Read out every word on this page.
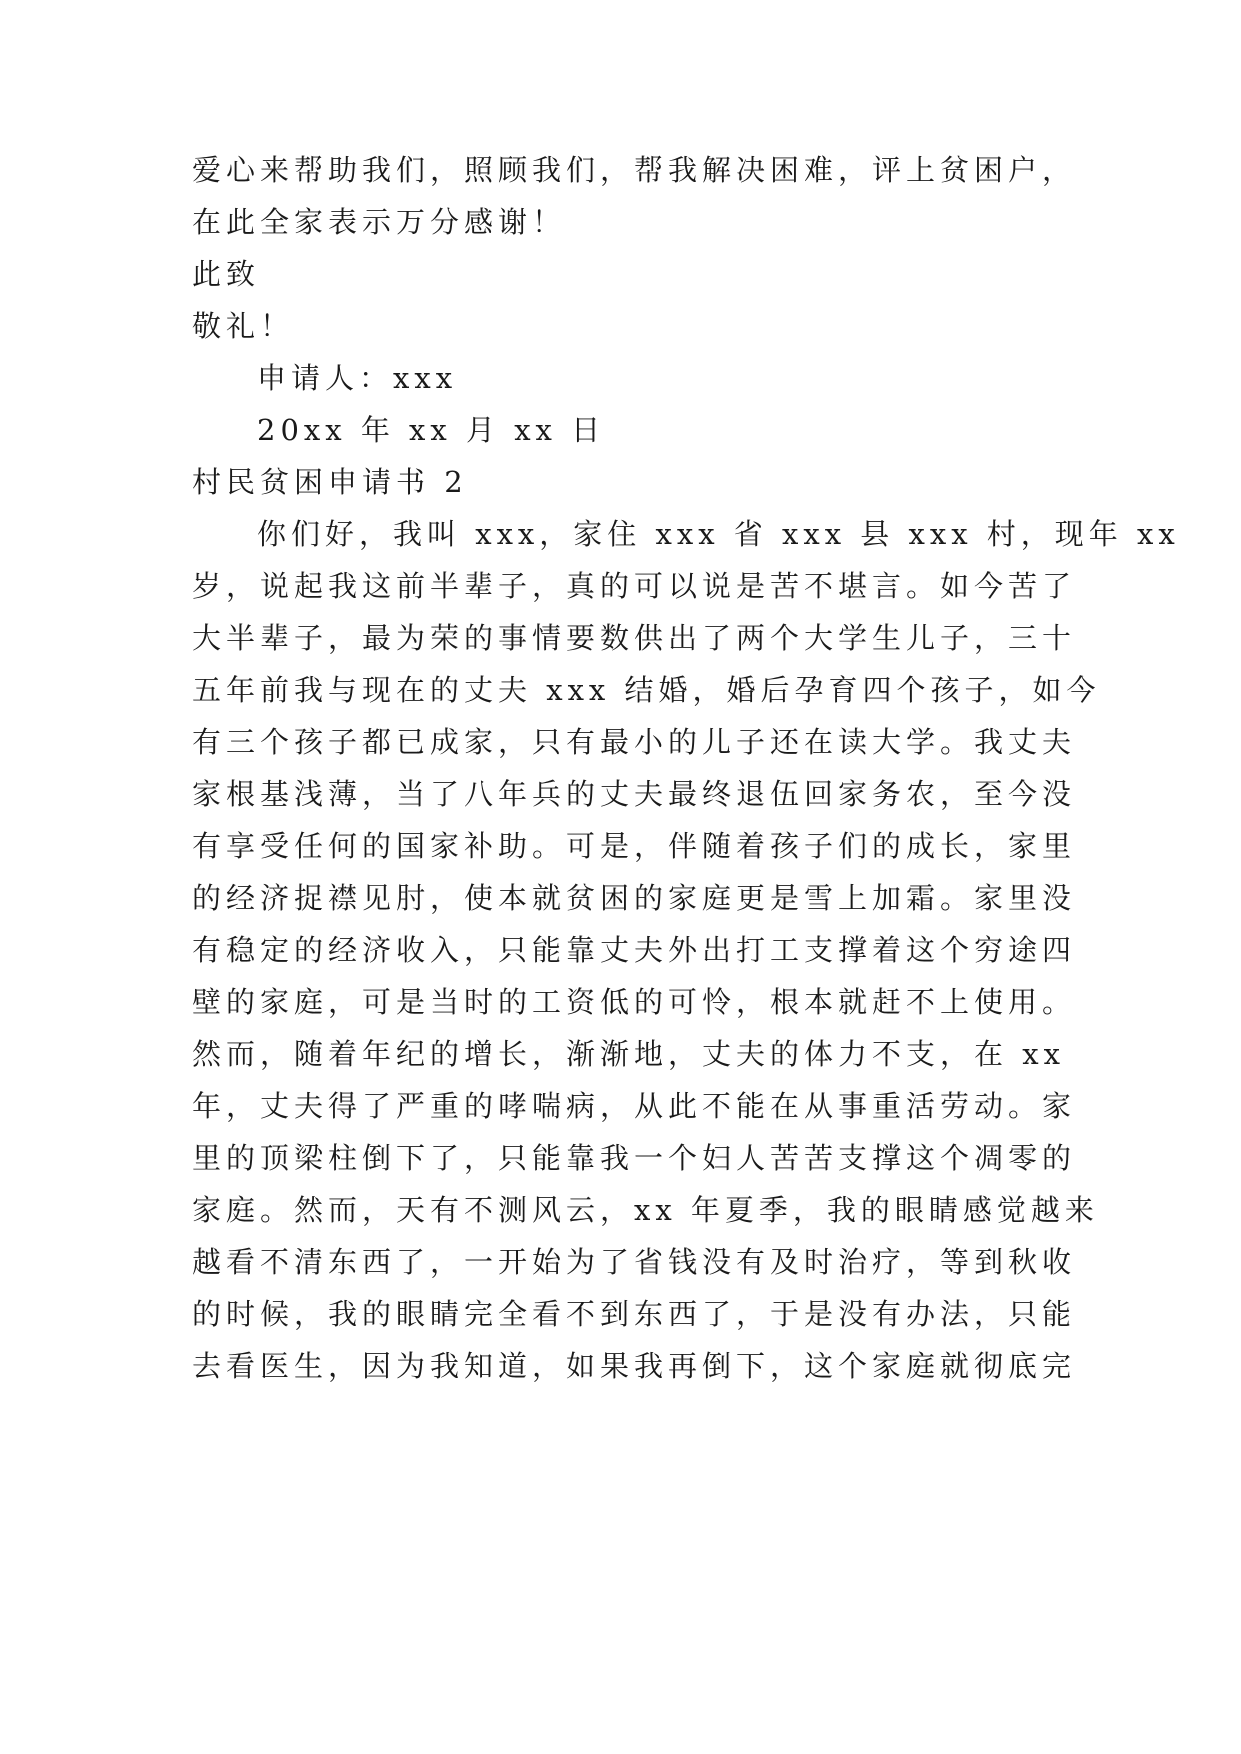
爱心来帮助我们，照顾我们，帮我解决困难，评上贫困户，
在此全家表示万分感谢！
此致
敬礼！
申请人：xxx
20xx 年 xx 月 xx 日
村民贫困申请书 2
你们好，我叫 xxx，家住 xxx 省 xxx 县 xxx 村，现年 xx
岁，说起我这前半辈子，真的可以说是苦不堪言。如今苦了
大半辈子，最为荣的事情要数供出了两个大学生儿子，三十
五年前我与现在的丈夫 xxx 结婚，婚后孕育四个孩子，如今
有三个孩子都已成家，只有最小的儿子还在读大学。我丈夫
家根基浅薄，当了八年兵的丈夫最终退伍回家务农，至今没
有享受任何的国家补助。可是，伴随着孩子们的成长，家里
的经济捉襟见肘，使本就贫困的家庭更是雪上加霜。家里没
有稳定的经济收入，只能靠丈夫外出打工支撑着这个穷途四
壁的家庭，可是当时的工资低的可怜，根本就赶不上使用。
然而，随着年纪的增长，渐渐地，丈夫的体力不支，在 xx
年，丈夫得了严重的哮喘病，从此不能在从事重活劳动。家
里的顶梁柱倒下了，只能靠我一个妇人苦苦支撑这个凋零的
家庭。然而，天有不测风云，xx 年夏季，我的眼睛感觉越来
越看不清东西了，一开始为了省钱没有及时治疗，等到秋收
的时候，我的眼睛完全看不到东西了，于是没有办法，只能
去看医生，因为我知道，如果我再倒下，这个家庭就彻底完
